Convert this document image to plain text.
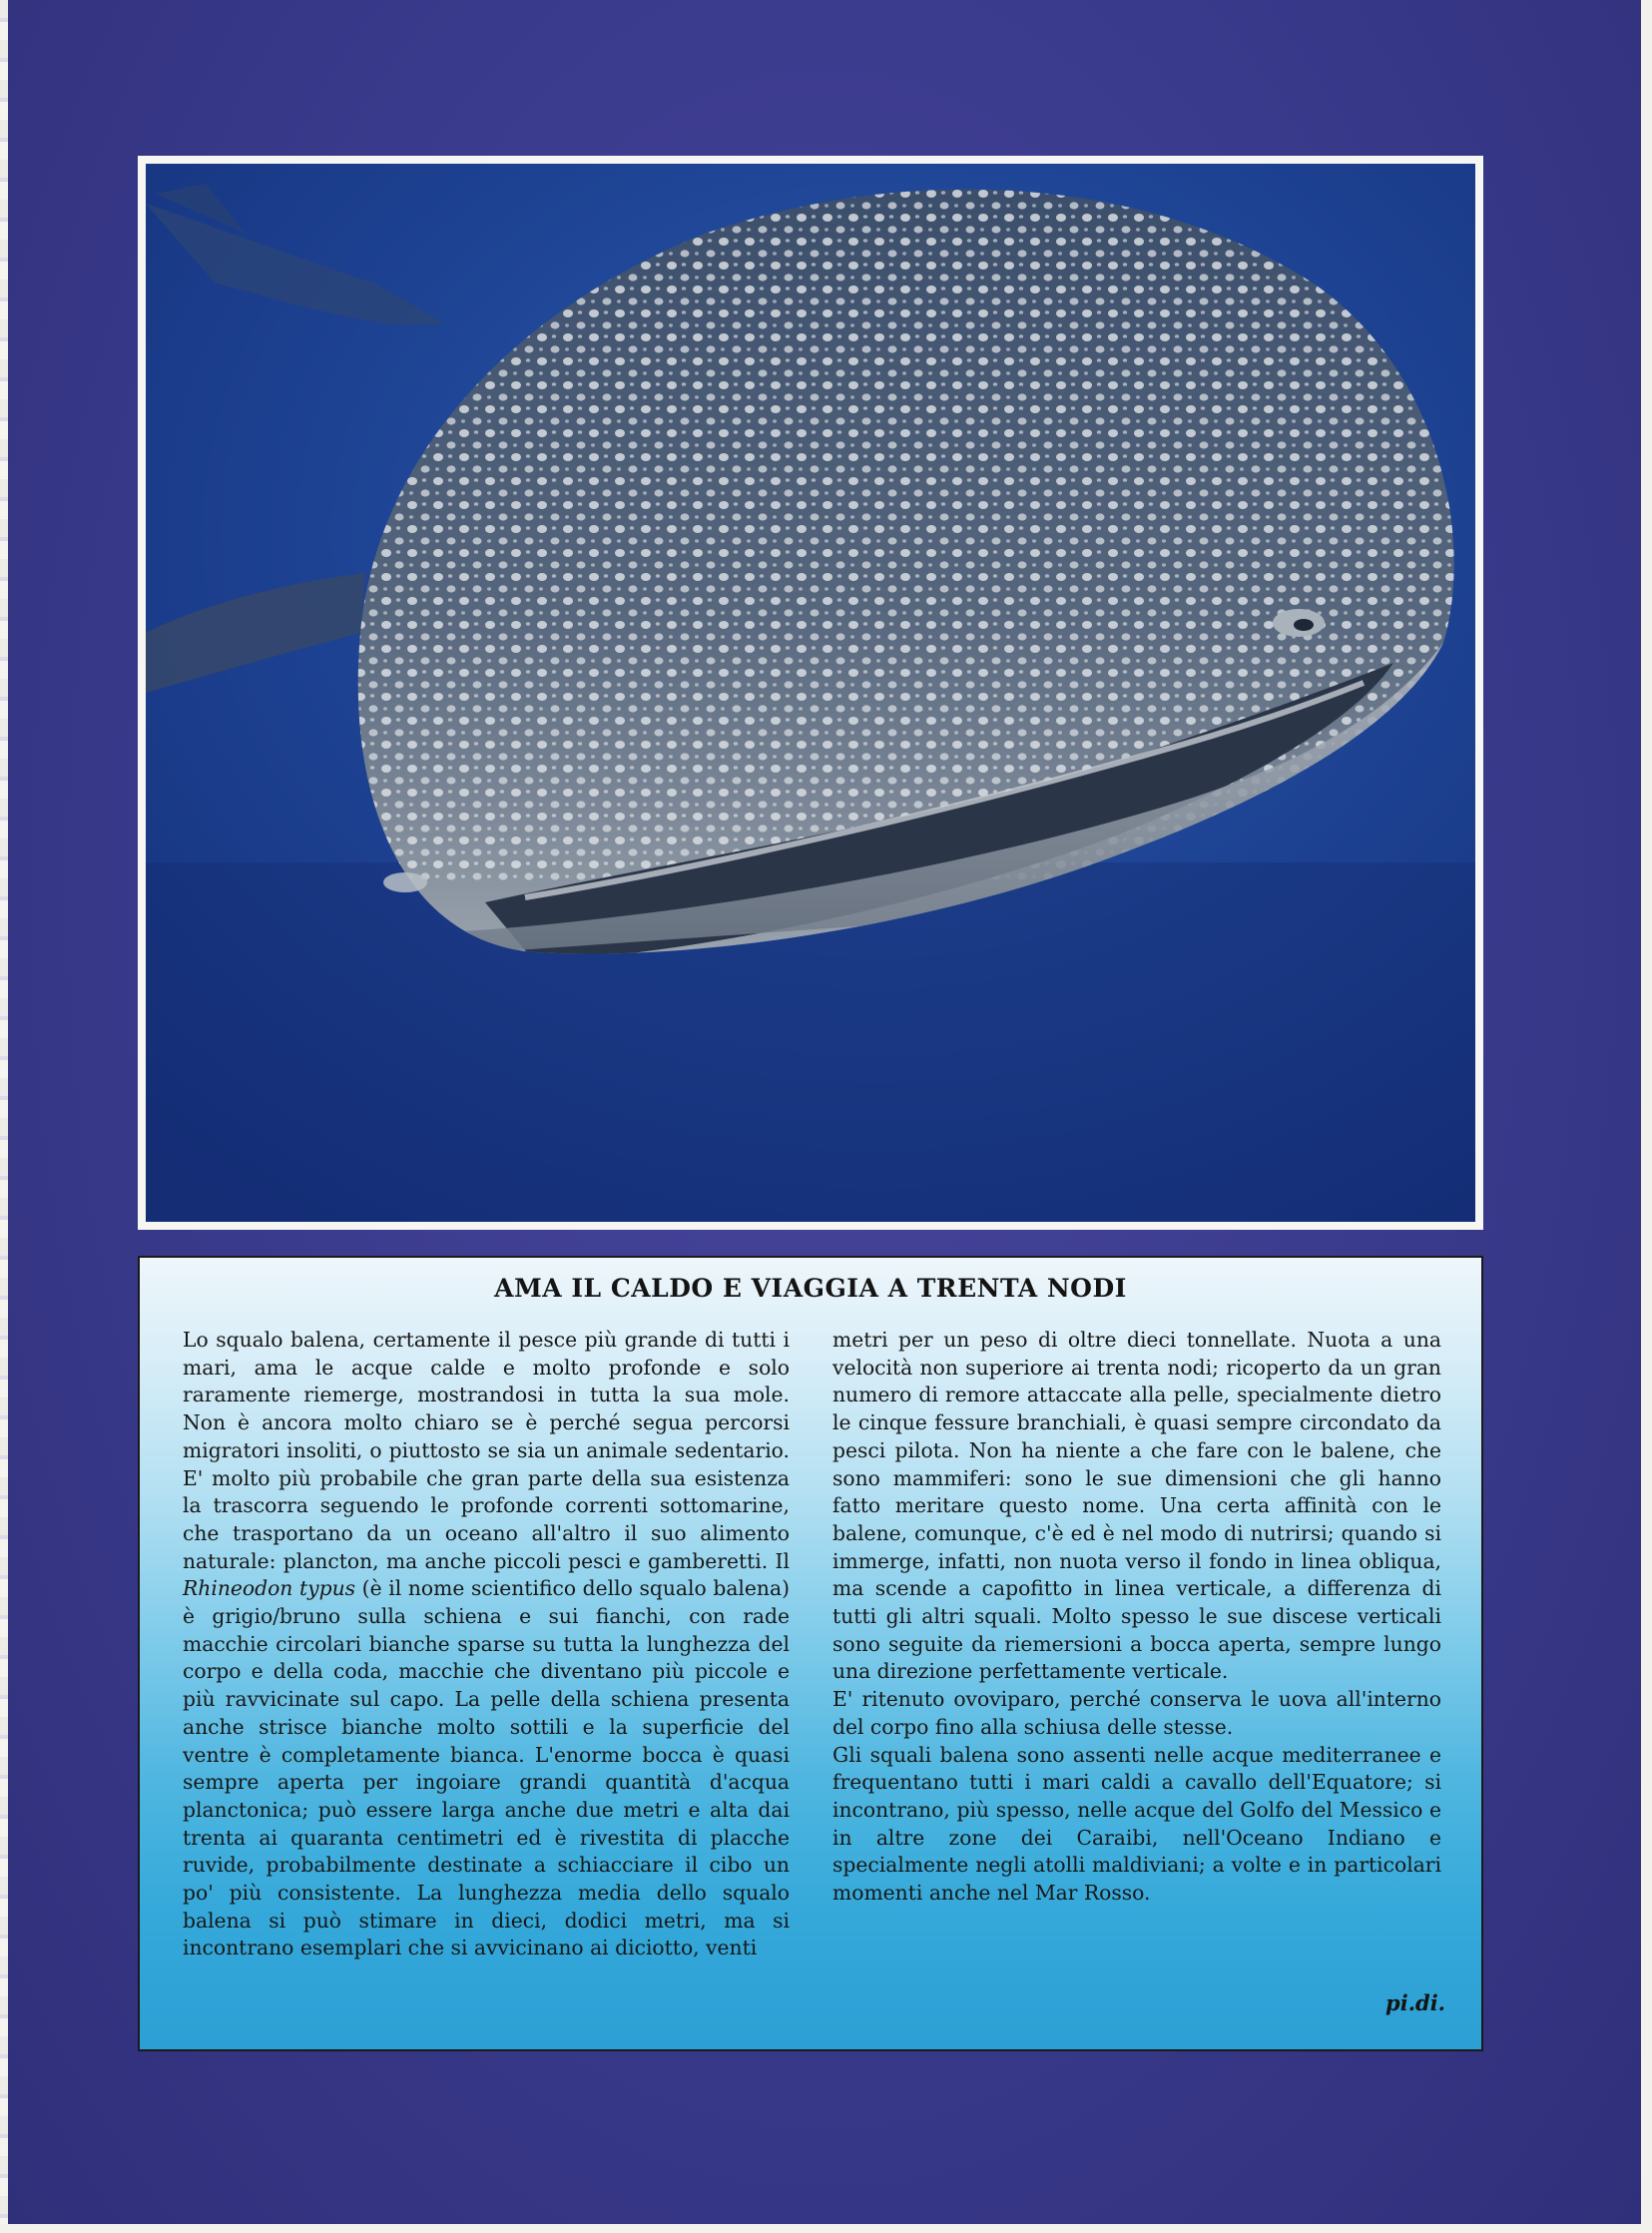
AMA IL CALDO E VIAGGIA A TRENTA NODI

Lo squalo balena, certamente il pesce più grande di tutti i mari, ama le acque calde e molto profonde e solo raramente riemerge, mostrandosi in tutta la sua mole. Non è ancora molto chiaro se è perché segua percorsi migratori insoliti, o piuttosto se sia un animale sedentario. E' molto più probabile che gran parte della sua esistenza la trascorra seguendo le profonde correnti sottomarine, che trasportano da un oceano all'altro il suo alimento naturale: plancton, ma anche piccoli pesci e gamberetti. Il Rhineodon typus (è il nome scientifico dello squalo balena) è grigio/bruno sulla schiena e sui fianchi, con rade macchie circolari bianche sparse su tutta la lunghezza del corpo e della coda, macchie che diventano più piccole e più ravvicinate sul capo. La pelle della schiena presenta anche strisce bianche molto sottili e la superficie del ventre è completamente bianca. L'enorme bocca è quasi sempre aperta per ingoiare grandi quantità d'acqua planctonica; può essere larga anche due metri e alta dai trenta ai quaranta centimetri ed è rivestita di placche ruvide, probabilmente destinate a schiacciare il cibo un po' più consistente. La lunghezza media dello squalo balena si può stimare in dieci, dodici metri, ma si incontrano esemplari che si avvicinano ai diciotto, venti

metri per un peso di oltre dieci tonnellate. Nuota a una velocità non superiore ai trenta nodi; ricoperto da un gran numero di remore attaccate alla pelle, specialmente dietro le cinque fessure branchiali, è quasi sempre circondato da pesci pilota. Non ha niente a che fare con le balene, che sono mammiferi: sono le sue dimensioni che gli hanno fatto meritare questo nome. Una certa affinità con le balene, comunque, c'è ed è nel modo di nutrirsi; quando si immerge, infatti, non nuota verso il fondo in linea obliqua, ma scende a capofitto in linea verticale, a differenza di tutti gli altri squali. Molto spesso le sue discese verticali sono seguite da riemersioni a bocca aperta, sempre lungo una direzione perfettamente verticale.

E' ritenuto ovoviparo, perché conserva le uova all'interno del corpo fino alla schiusa delle stesse.

Gli squali balena sono assenti nelle acque mediterranee e frequentano tutti i mari caldi a cavallo dell'Equatore; si incontrano, più spesso, nelle acque del Golfo del Messico e in altre zone dei Caraibi, nell'Oceano Indiano e specialmente negli atolli maldiviani; a volte e in particolari momenti anche nel Mar Rosso.

pi.di.
